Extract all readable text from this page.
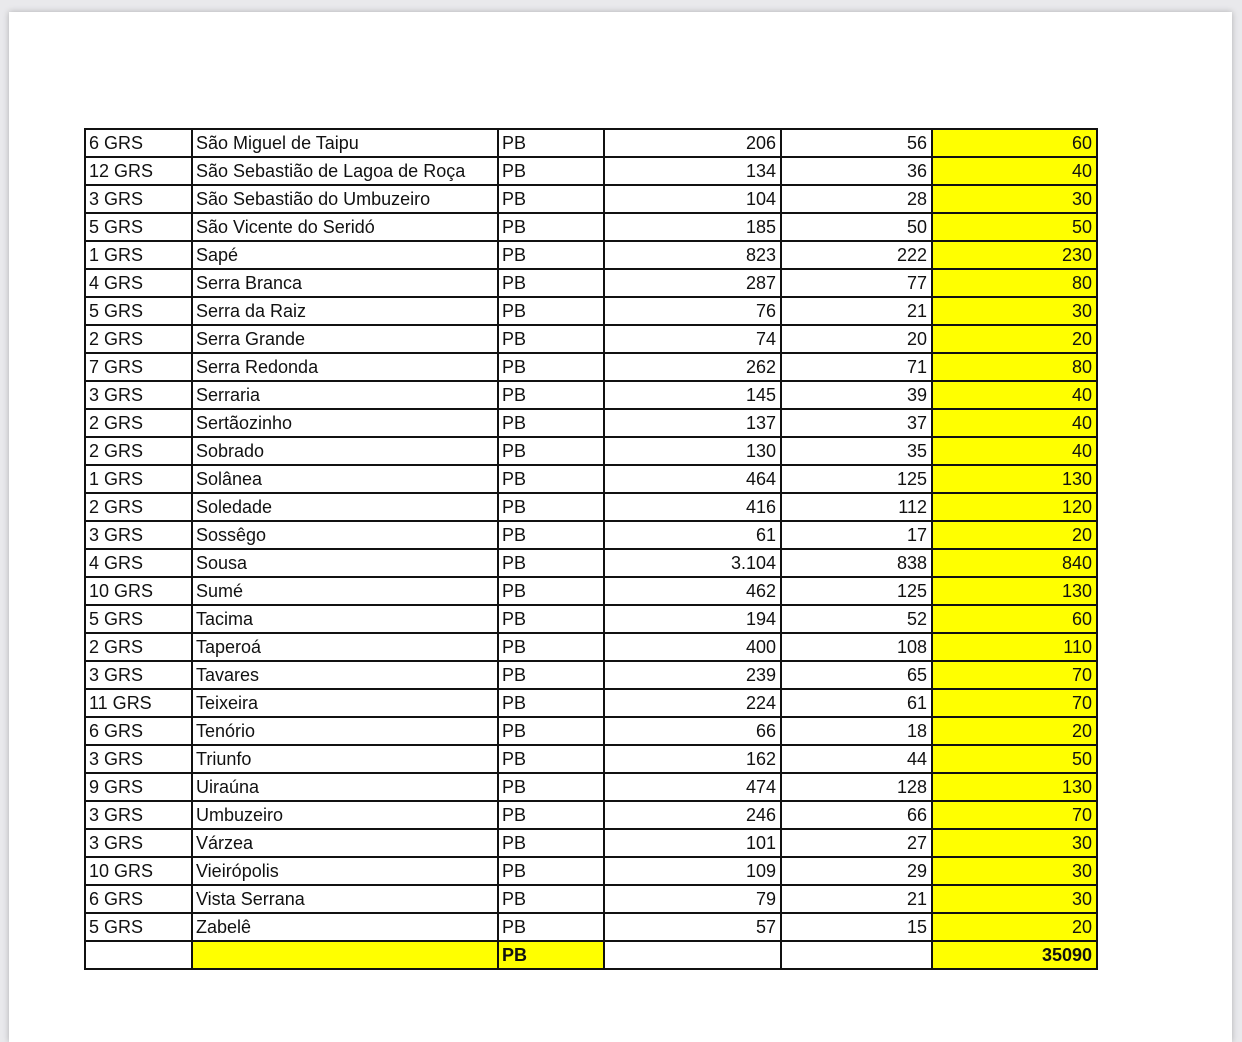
6 GRS	São Miguel de Taipu	PB	206	56	60
12 GRS	São Sebastião de Lagoa de Roça	PB	134	36	40
3 GRS	São Sebastião do Umbuzeiro	PB	104	28	30
5 GRS	São Vicente do Seridó	PB	185	50	50
1 GRS	Sapé	PB	823	222	230
4 GRS	Serra Branca	PB	287	77	80
5 GRS	Serra da Raiz	PB	76	21	30
2 GRS	Serra Grande	PB	74	20	20
7 GRS	Serra Redonda	PB	262	71	80
3 GRS	Serraria	PB	145	39	40
2 GRS	Sertãozinho	PB	137	37	40
2 GRS	Sobrado	PB	130	35	40
1 GRS	Solânea	PB	464	125	130
2 GRS	Soledade	PB	416	112	120
3 GRS	Sossêgo	PB	61	17	20
4 GRS	Sousa	PB	3.104	838	840
10 GRS	Sumé	PB	462	125	130
5 GRS	Tacima	PB	194	52	60
2 GRS	Taperoá	PB	400	108	110
3 GRS	Tavares	PB	239	65	70
11 GRS	Teixeira	PB	224	61	70
6 GRS	Tenório	PB	66	18	20
3 GRS	Triunfo	PB	162	44	50
9 GRS	Uiraúna	PB	474	128	130
3 GRS	Umbuzeiro	PB	246	66	70
3 GRS	Várzea	PB	101	27	30
10 GRS	Vieirópolis	PB	109	29	30
6 GRS	Vista Serrana	PB	79	21	30
5 GRS	Zabelê	PB	57	15	20
		PB			35090
